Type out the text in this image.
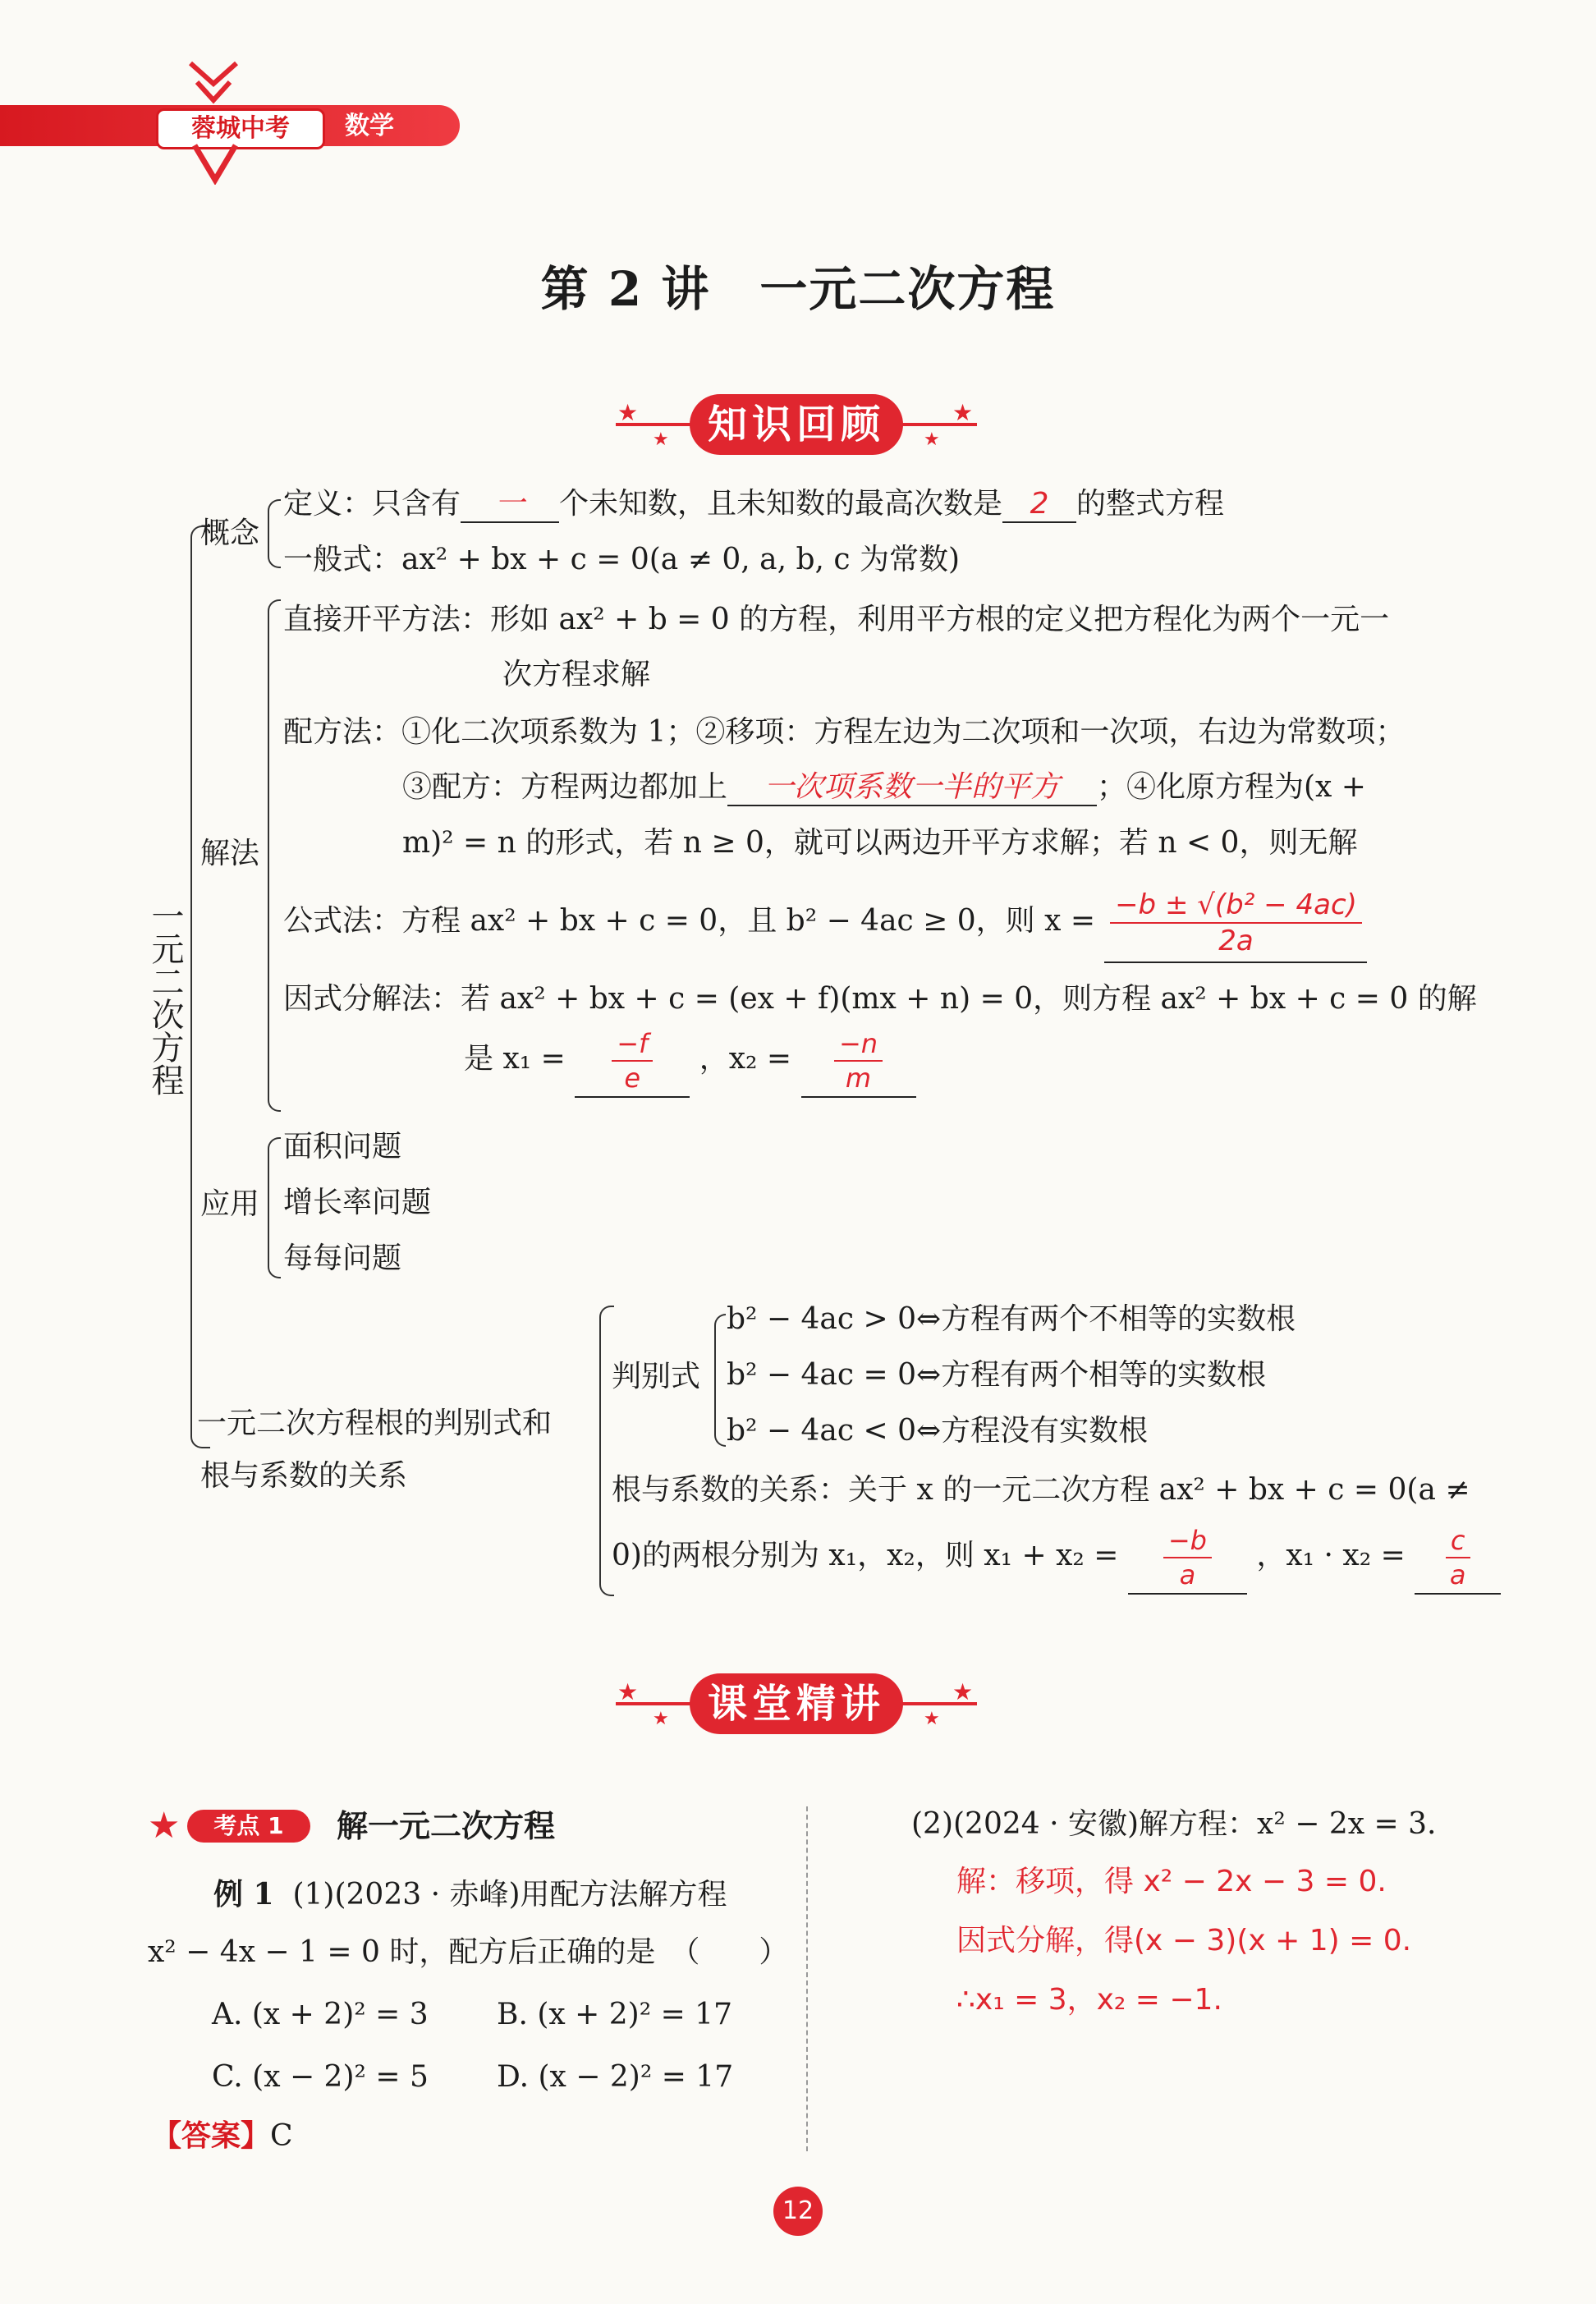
蓉城中考	数学
第 2 讲　一元二次方程
★	★
★	★
知识回顾
一元二次方程
概念
定义：只含有 一 个未知数，且未知数的最高次数是 2 的整式方程
一般式：ax² + bx + c = 0(a ≠ 0, a, b, c 为常数)
解法
直接开平方法：形如 ax² + b = 0 的方程，利用平方根的定义把方程化为两个一元一
次方程求解
配方法：①化二次项系数为 1；②移项：方程左边为二次项和一次项，右边为常数项；
③配方：方程两边都加上 一次项系数一半的平方 ；④化原方程为(x +
m)² = n 的形式，若 n ≥ 0，就可以两边开平方求解；若 n < 0，则无解
公式法：方程 ax² + bx + c = 0，且 b² − 4ac ≥ 0，则 $x = \frac{\text{−b ± √(b² − 4ac)}}{2a}$
因式分解法：若 ax² + bx + c = (ex + f)(mx + n) = 0，则方程 ax² + bx + c = 0 的解
是 $x_1 = \frac{-f}{e}$ ，$x_2 = \frac{-n}{m}$
应用
面积问题
增长率问题
每每问题
一元二次方程根的判别式和
根与系数的关系
判别式
b² − 4ac > 0⇔方程有两个不相等的实数根
b² − 4ac = 0⇔方程有两个相等的实数根
b² − 4ac < 0⇔方程没有实数根
根与系数的关系：关于 x 的一元二次方程 ax² + bx + c = 0(a ≠
0)的两根分别为 x₁，x₂，则 $x_1 + x_2 = \frac{-b}{a}$ ，$x_1 \cdot x_2 = \frac{c}{a}$
★	★
★	★
课堂精讲
★	考点 1	解一元二次方程
例 1 (1)(2023 · 赤峰)用配方法解方程
x² − 4x − 1 = 0 时，配方后正确的是　（　　）
A. (x + 2)² = 3 B. (x + 2)² = 17
C. (x − 2)² = 5 D. (x − 2)² = 17
【答案】C
(2)(2024 · 安徽)解方程：x² − 2x = 3.
解：移项，得 x² − 2x − 3 = 0.
因式分解，得(x − 3)(x + 1) = 0.
∴x₁ = 3，x₂ = −1.
12
